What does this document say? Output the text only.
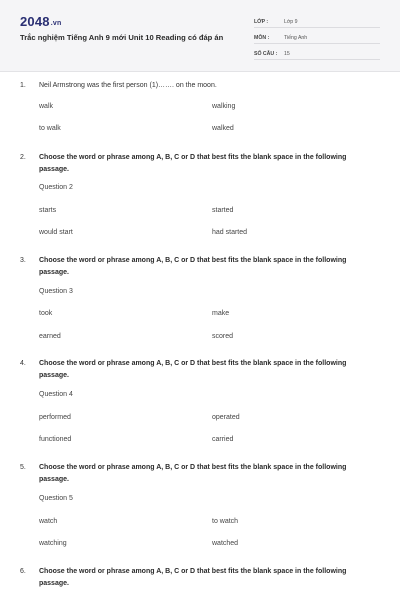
2048.vn
Trắc nghiệm Tiếng Anh 9 mới Unit 10 Reading có đáp án
LỚP :	Lớp 9
MÔN :	Tiếng Anh
SỐ CÂU :	15
1.	Neil Armstrong was the first person (1)……. on the moon.
walk	walking
to walk	walked
2.	Choose the word or phrase among A, B, C or D that best fits the blank space in the following passage.
Question 2
starts	started
would start	had started
3.	Choose the word or phrase among A, B, C or D that best fits the blank space in the following passage.
Question 3
took	make
earned	scored
4.	Choose the word or phrase among A, B, C or D that best fits the blank space in the following passage.
Question 4
performed	operated
functioned	carried
5.	Choose the word or phrase among A, B, C or D that best fits the blank space in the following passage.
Question 5
watch	to watch
watching	watched
6.	Choose the word or phrase among A, B, C or D that best fits the blank space in the following passage.
